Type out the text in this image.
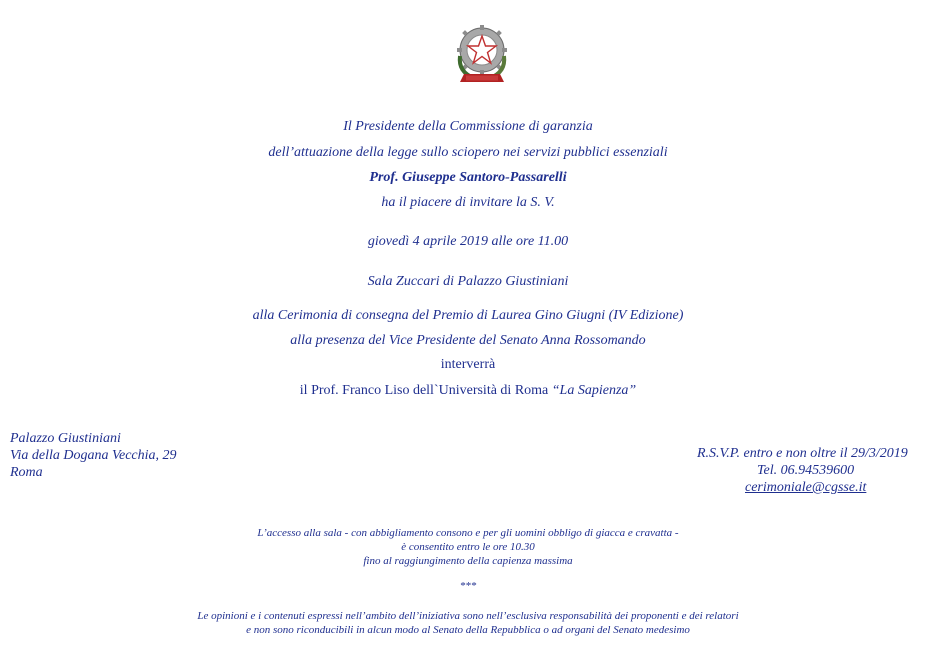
Il Presidente della Commissione di garanzia
dell’attuazione della legge sullo sciopero nei servizi pubblici essenziali
Prof. Giuseppe Santoro-Passarelli
ha il piacere di invitare la S. V.
giovedì 4 aprile 2019 alle ore 11.00
Sala Zuccari di Palazzo Giustiniani
alla Cerimonia di consegna del Premio di Laurea Gino Giugni (IV Edizione)
alla presenza del Vice Presidente del Senato Anna Rossomando
interverrà
il Prof. Franco Liso dell`Università di Roma “La Sapienza”
Palazzo Giustiniani
Via della Dogana Vecchia, 29
Roma
R.S.V.P. entro e non oltre il 29/3/2019
Tel. 06.94539600
cerimoniale@cgsse.it
L’accesso alla sala - con abbigliamento consono e per gli uomini obbligo di giacca e cravatta -
è consentito entro le ore 10.30
fino al raggiungimento della capienza massima
***
Le opinioni e i contenuti espressi nell’ambito dell’iniziativa sono nell’esclusiva responsabilità dei proponenti e dei relatori
e non sono riconducibili in alcun modo al Senato della Repubblica o ad organi del Senato medesimo
